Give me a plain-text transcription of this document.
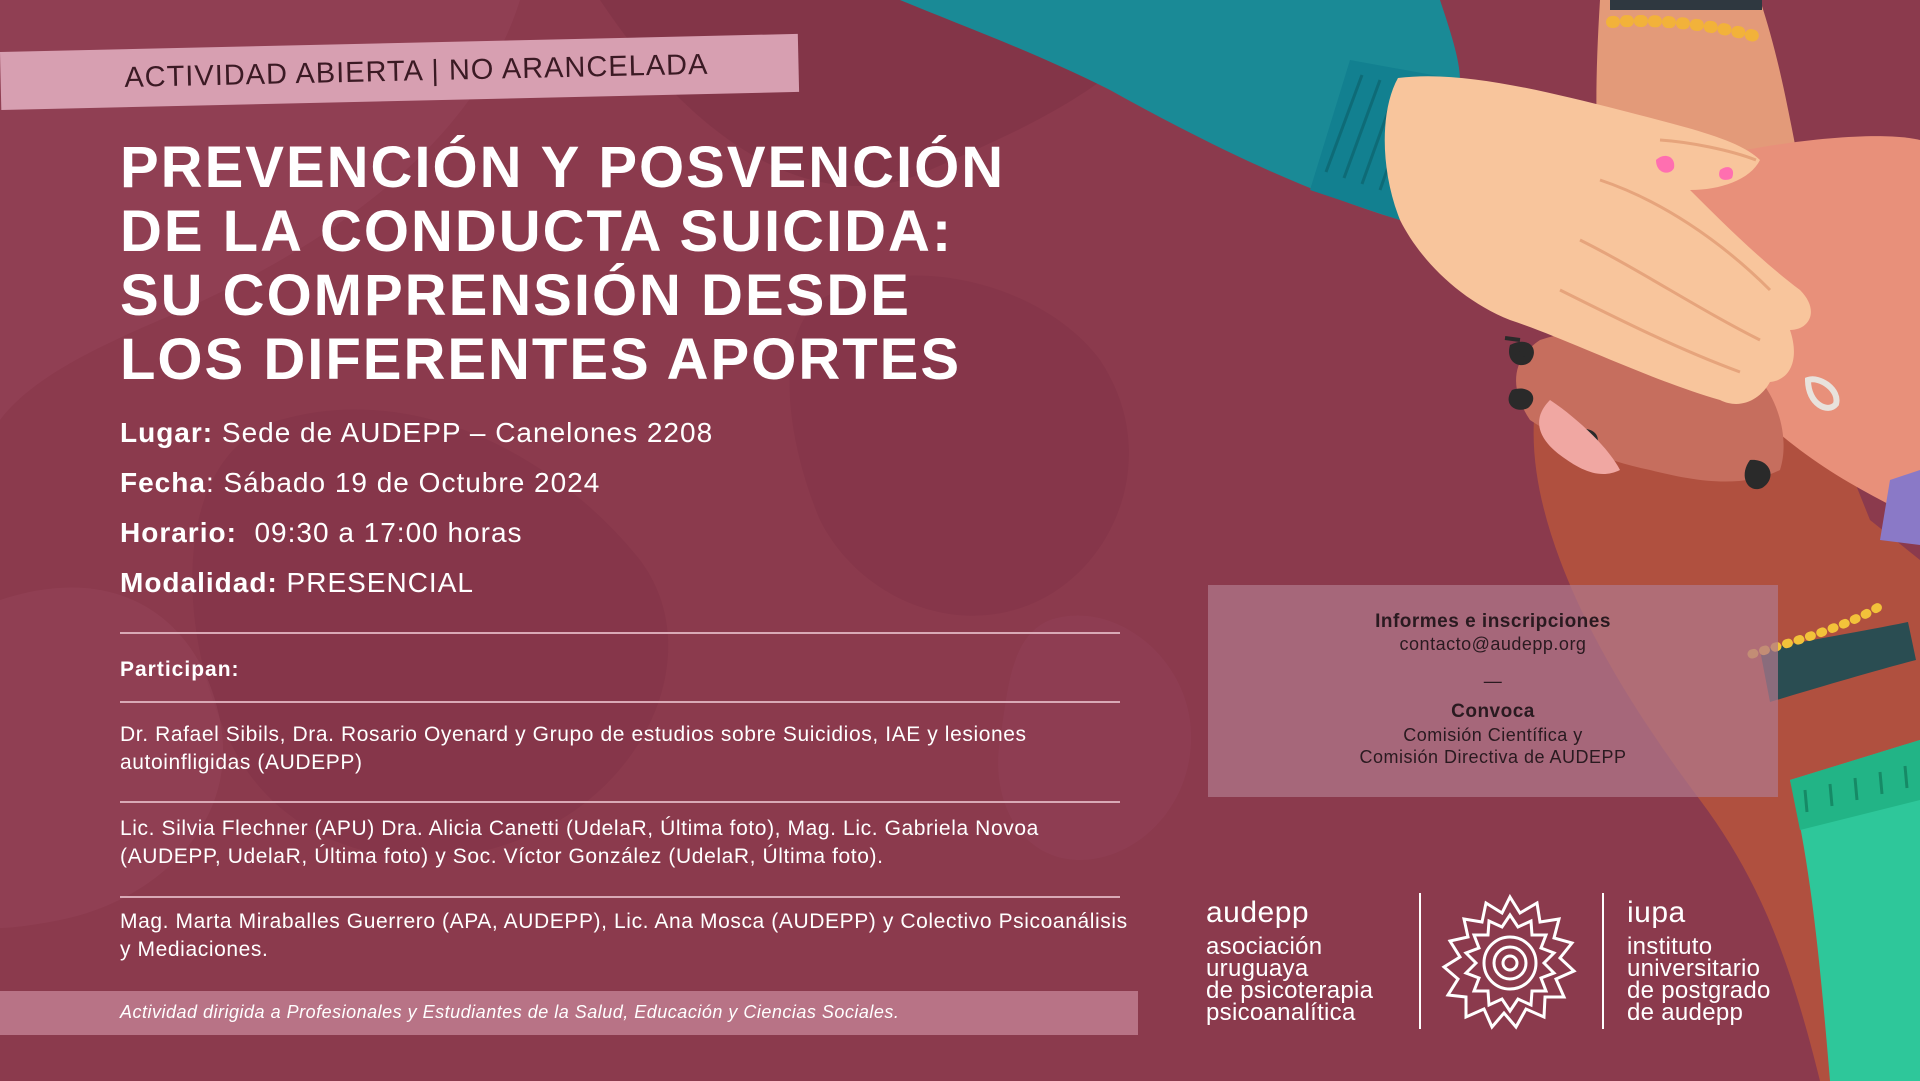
ACTIVIDAD ABIERTA | NO ARANCELADA
PREVENCIÓN Y POSVENCIÓN
DE LA CONDUCTA SUICIDA:
SU COMPRENSIÓN DESDE
LOS DIFERENTES APORTES
Lugar: Sede de AUDEPP – Canelones 2208
Fecha: Sábado 19 de Octubre 2024
Horario:  09:30 a 17:00 horas
Modalidad: PRESENCIAL
Participan:
Dr. Rafael Sibils, Dra. Rosario Oyenard y Grupo de estudios sobre Suicidios, IAE y lesiones autoinfligidas (AUDEPP)
Lic. Silvia Flechner (APU) Dra. Alicia Canetti (UdelaR, Última foto), Mag. Lic. Gabriela Novoa (AUDEPP, UdelaR, Última foto) y Soc. Víctor González (UdelaR, Última foto).
Mag. Marta Miraballes Guerrero (APA, AUDEPP), Lic. Ana Mosca (AUDEPP) y Colectivo Psicoanálisis y Mediaciones.
Actividad dirigida a Profesionales y Estudiantes de la Salud, Educación y Ciencias Sociales.
Informes e inscripciones
contacto@audepp.org
—
Convoca
Comisión Científica y
Comisión Directiva de AUDEPP
audepp
asociación
uruguaya
de psicoterapia
psicoanalítica
iupa
instituto
universitario
de postgrado
de audepp
